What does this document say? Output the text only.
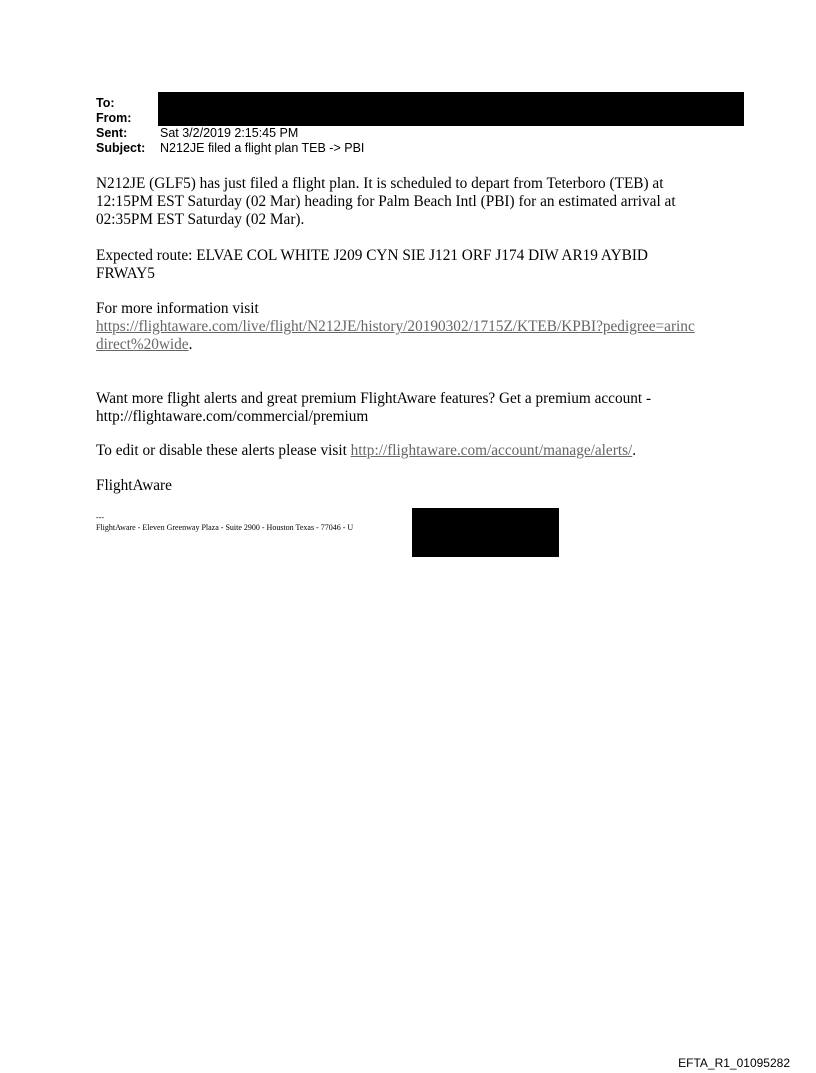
To:
From:
Sent:	Sat 3/2/2019 2:15:45 PM
Subject:	N212JE filed a flight plan TEB -> PBI

N212JE (GLF5) has just filed a flight plan. It is scheduled to depart from Teterboro (TEB) at 12:15PM EST Saturday (02 Mar) heading for Palm Beach Intl (PBI) for an estimated arrival at 02:35PM EST Saturday (02 Mar).

Expected route: ELVAE COL WHITE J209 CYN SIE J121 ORF J174 DIW AR19 AYBID FRWAY5

For more information visit
https://flightaware.com/live/flight/N212JE/history/20190302/1715Z/KTEB/KPBI?pedigree=arinc
direct%20wide.

Want more flight alerts and great premium FlightAware features? Get a premium account - http://flightaware.com/commercial/premium

To edit or disable these alerts please visit http://flightaware.com/account/manage/alerts/.

FlightAware

---
FlightAware - Eleven Greenway Plaza - Suite 2900 - Houston Texas - 77046 - U
EFTA_R1_01095282
